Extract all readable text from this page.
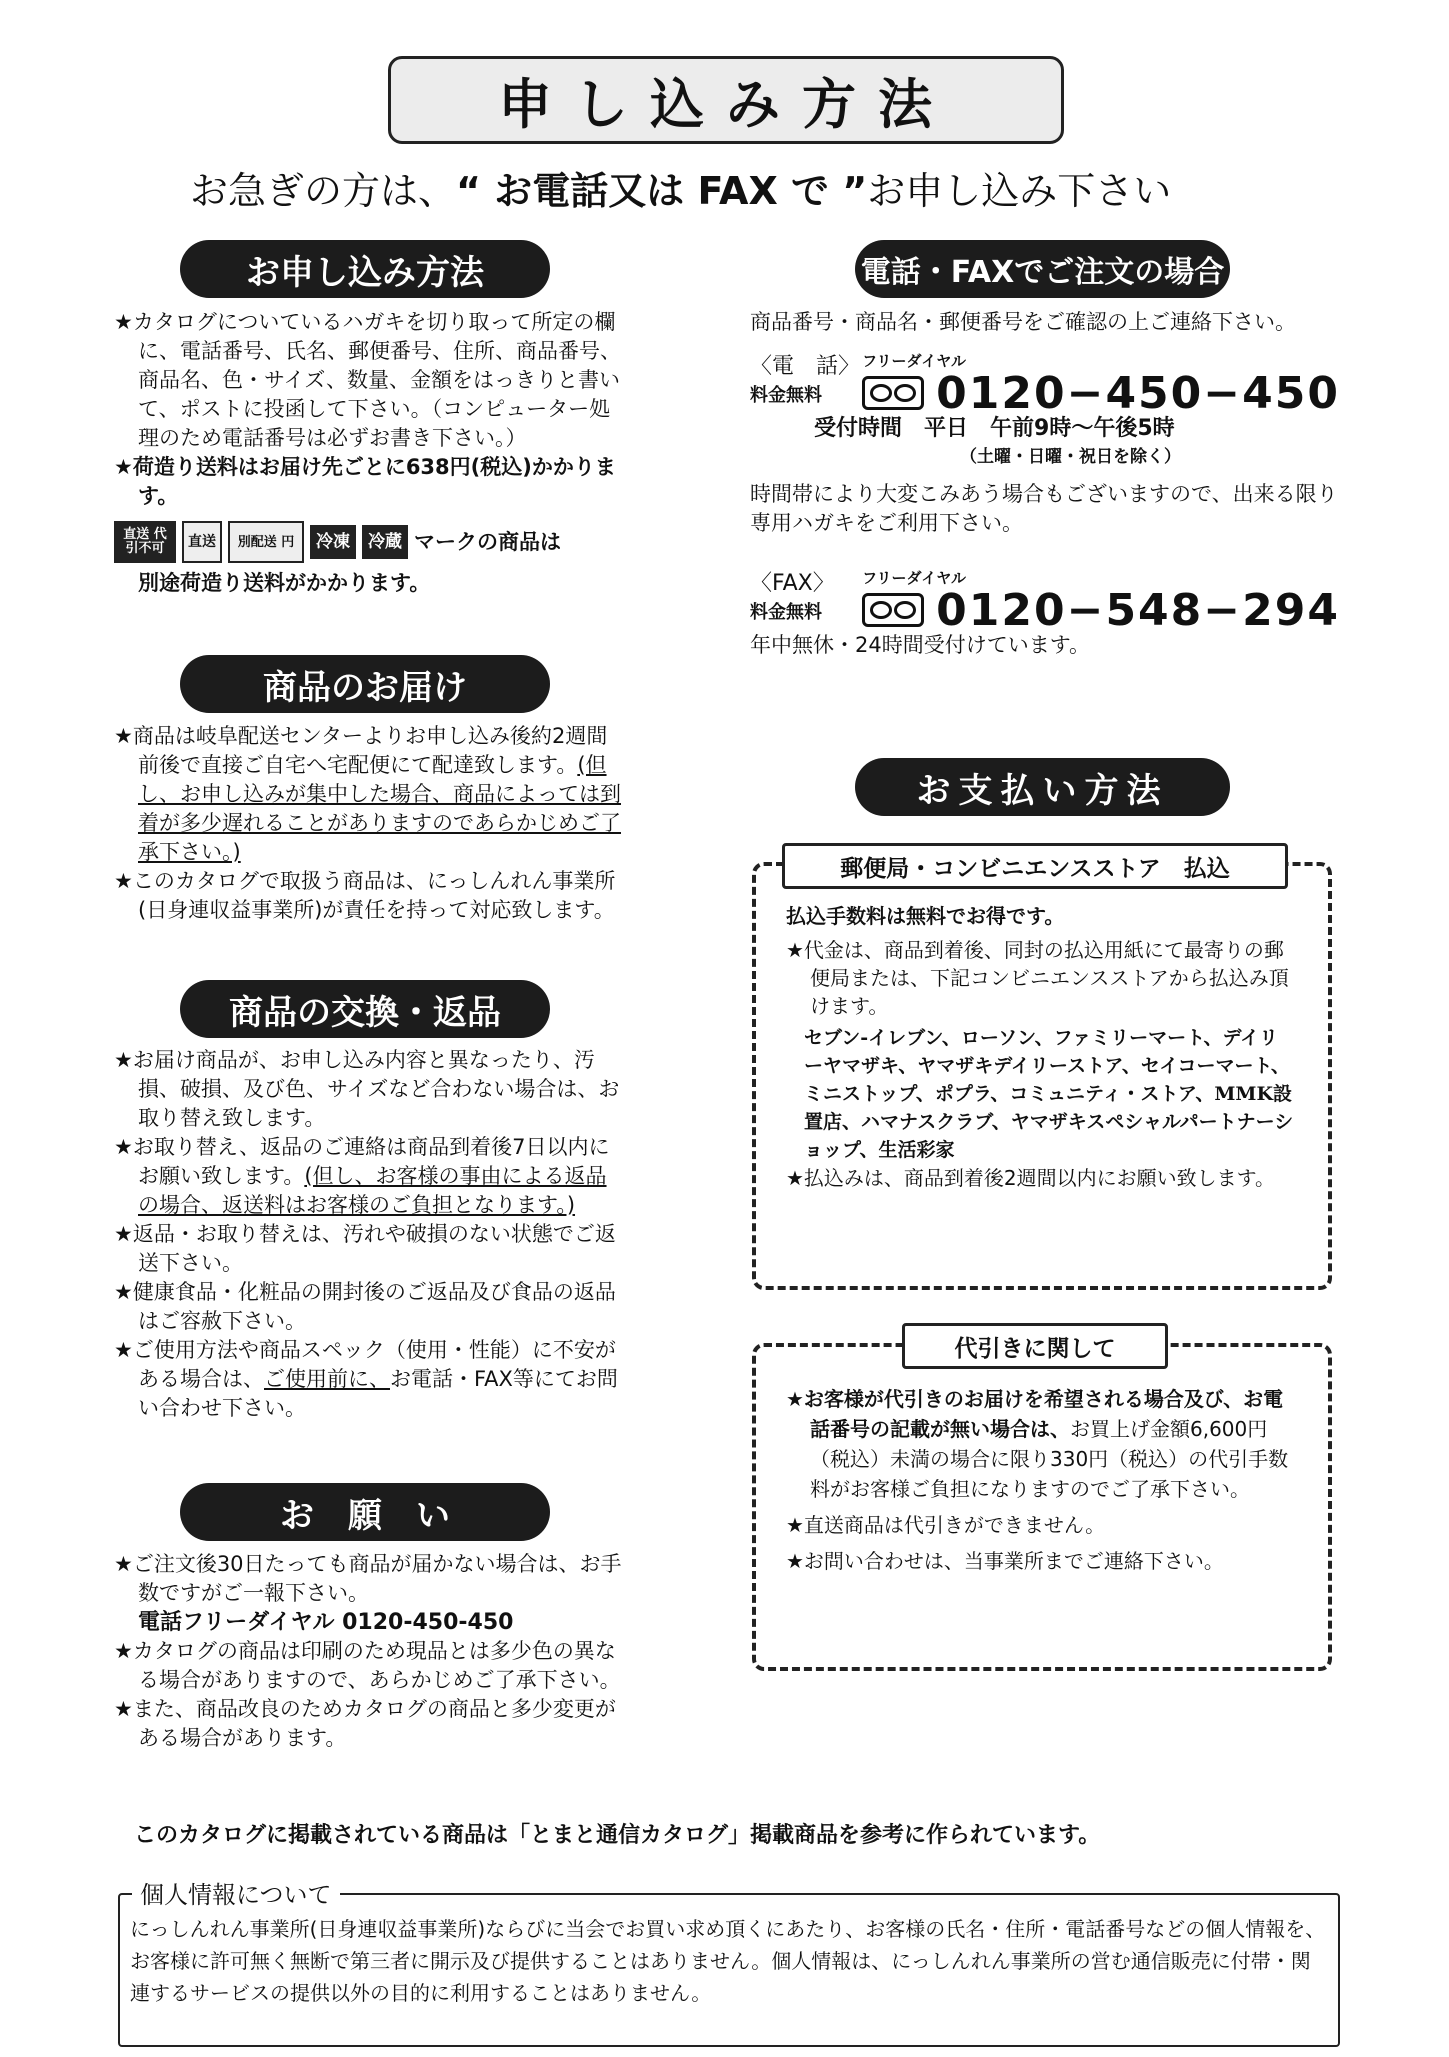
申し込み方法
お急ぎの方は、“ お電話又は FAX で ”お申し込み下さい
お申し込み方法

★カタログについているハガキを切り取って所定の欄に、電話番号、氏名、郵便番号、住所、商品番号、商品名、色・サイズ、数量、金額をはっきりと書いて、ポストに投函して下さい。（コンピューター処理のため電話番号は必ずお書き下さい。）

★荷造り送料はお届け先ごとに638円(税込)かかります。

直送 代引不可	直送	別配送 円	冷凍	冷蔵 マークの商品は

別途荷造り送料がかかります。

商品のお届け

★商品は岐阜配送センターよりお申し込み後約2週間前後で直接ご自宅へ宅配便にて配達致します。(但し、お申し込みが集中した場合、商品によっては到着が多少遅れることがありますのであらかじめご了承下さい。)

★このカタログで取扱う商品は、にっしんれん事業所(日身連収益事業所)が責任を持って対応致します。

商品の交換・返品

★お届け商品が、お申し込み内容と異なったり、汚損、破損、及び色、サイズなど合わない場合は、お取り替え致します。

★お取り替え、返品のご連絡は商品到着後7日以内にお願い致します。(但し、お客様の事由による返品の場合、返送料はお客様のご負担となります。)

★返品・お取り替えは、汚れや破損のない状態でご返送下さい。

★健康食品・化粧品の開封後のご返品及び食品の返品はご容赦下さい。

★ご使用方法や商品スペック（使用・性能）に不安がある場合は、ご使用前に、お電話・FAX等にてお問い合わせ下さい。

お　願　い

★ご注文後30日たっても商品が届かない場合は、お手数ですがご一報下さい。

電話フリーダイヤル 0120-450-450

★カタログの商品は印刷のため現品とは多少色の異なる場合がありますので、あらかじめご了承下さい。

★また、商品改良のためカタログの商品と多少変更がある場合があります。

電話・FAXでご注文の場合

商品番号・商品名・郵便番号をご確認の上ご連絡下さい。

〈電　話〉
料金無料
フリーダイヤル
0120−450−450
受付時間　 平日　午前9時〜午後5時
（土曜・日曜・祝日を除く）

時間帯により大変こみあう場合もございますので、出来る限り専用ハガキをご利用下さい。

〈FAX〉
料金無料
フリーダイヤル
0120−548−294

年中無休・24時間受付けています。

お支払い方法
郵便局・コンビニエンスストア　払込

払込手数料は無料でお得です。

★代金は、商品到着後、同封の払込用紙にて最寄りの郵便局または、下記コンビニエンスストアから払込み頂けます。

セブン-イレブン、ローソン、ファミリーマート、デイリーヤマザキ、ヤマザキデイリーストア、セイコーマート、ミニストップ、ポプラ、コミュニティ・ストア、MMK設置店、ハマナスクラブ、ヤマザキスペシャルパートナーショップ、生活彩家

★払込みは、商品到着後2週間以内にお願い致します。

代引きに関して

★お客様が代引きのお届けを希望される場合及び、お電話番号の記載が無い場合は、お買上げ金額6,600円（税込）未満の場合に限り330円（税込）の代引手数料がお客様ご負担になりますのでご了承下さい。

★直送商品は代引きができません。

★お問い合わせは、当事業所までご連絡下さい。

このカタログに掲載されている商品は「とまと通信カタログ」掲載商品を参考に作られています。
個人情報について
にっしんれん事業所(日身連収益事業所)ならびに当会でお買い求め頂くにあたり、お客様の氏名・住所・電話番号などの個人情報を、お客様に許可無く無断で第三者に開示及び提供することはありません。個人情報は、にっしんれん事業所の営む通信販売に付帯・関連するサービスの提供以外の目的に利用することはありません。
